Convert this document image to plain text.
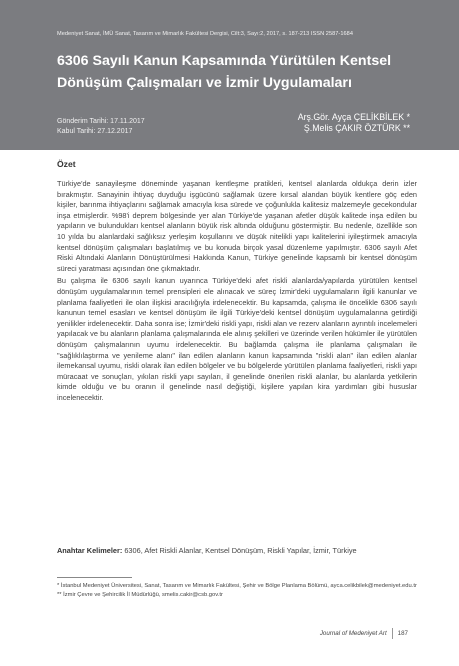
Medeniyet Sanat, İMÜ Sanat, Tasarım ve Mimarlık Fakültesi Dergisi, Cilt:3, Sayı:2, 2017, s. 187-213 ISSN 2587-1684
6306 Sayılı Kanun Kapsamında Yürütülen Kentsel Dönüşüm Çalışmaları ve İzmir Uygulamaları
Gönderim Tarihi: 17.11.2017
Kabul Tarihi: 27.12.2017
Arş.Gör. Ayça ÇELİKBİLEK *
Ş.Melis ÇAKIR ÖZTÜRK **
Özet

Türkiye'de sanayileşme döneminde yaşanan kentleşme pratikleri, kentsel alanlarda oldukça derin izler bırakmıştır. Sanayinin ihtiyaç duyduğu işgücünü sağlamak üzere kırsal alandan büyük kentlere göç eden kişiler, barınma ihtiyaçlarını sağlamak amacıyla kısa sürede ve çoğunlukla kalitesiz malzemeyle gecekondular inşa etmişlerdir. %98'i deprem bölgesinde yer alan Türkiye'de yaşanan afetler düşük kalitede inşa edilen bu yapıların ve bulundukları kentsel alanların büyük risk altında olduğunu göstermiştir. Bu nedenle, özellikle son 10 yılda bu alanlardaki sağlıksız yerleşim koşullarını ve düşük nitelikli yapı kalitelerini iyileştirmek amacıyla kentsel dönüşüm çalışmaları başlatılmış ve bu konuda birçok yasal düzenleme yapılmıştır. 6306 sayılı Afet Riski Altındaki Alanların Dönüştürülmesi Hakkında Kanun, Türkiye genelinde kapsamlı bir kentsel dönüşüm süreci yaratması açısından öne çıkmaktadır.

Bu çalışma ile 6306 sayılı kanun uyarınca Türkiye'deki afet riskli alanlarda/yapılarda yürütülen kentsel dönüşüm uygulamalarının temel prensipleri ele alınacak ve süreç İzmir'deki uygulamaların ilgili kanunlar ve planlama faaliyetleri ile olan ilişkisi aracılığıyla irdelenecektir. Bu kapsamda, çalışma ile öncelikle 6306 sayılı kanunun temel esasları ve kentsel dönüşüm ile ilgili Türkiye'deki kentsel dönüşüm uygulamalarına getirdiği yenilikler irdelenecektir. Daha sonra ise; İzmir'deki riskli yapı, riskli alan ve rezerv alanların ayrıntılı incelemeleri yapılacak ve bu alanların planlama çalışmalarında ele alınış şekilleri ve üzerinde verilen hükümler ile yürütülen dönüşüm çalışmalarının uyumu irdelenecektir. Bu bağlamda çalışma ile planlama çalışmaları ile "sağlıklılaştırma ve yenileme alanı" ilan edilen alanların kanun kapsamında "riskli alan" ilan edilen alanlar ilemekansal uyumu, riskli olarak ilan edilen bölgeler ve bu bölgelerde yürütülen planlama faaliyetleri, riskli yapı müracaat ve sonuçları, yıkılan riskli yapı sayıları, il genelinde önerilen riskli alanlar, bu alanlarda yetkilerin kimde olduğu ve bu oranın il genelinde nasıl değiştiği, kişilere yapılan kira yardımları gibi hususlar incelenecektir.

Anahtar Kelimeler: 6306, Afet Riskli Alanlar, Kentsel Dönüşüm, Riskli Yapılar, İzmir, Türkiye
* İstanbul Medeniyet Üniversitesi, Sanat, Tasarım ve Mimarlık Fakültesi, Şehir ve Bölge Planlama Bölümü, ayca.celikbilek@medeniyet.edu.tr
** İzmir Çevre ve Şehircilik İl Müdürlüğü, smelis.cakir@csb.gov.tr
Journal of Medeniyet Art 187
